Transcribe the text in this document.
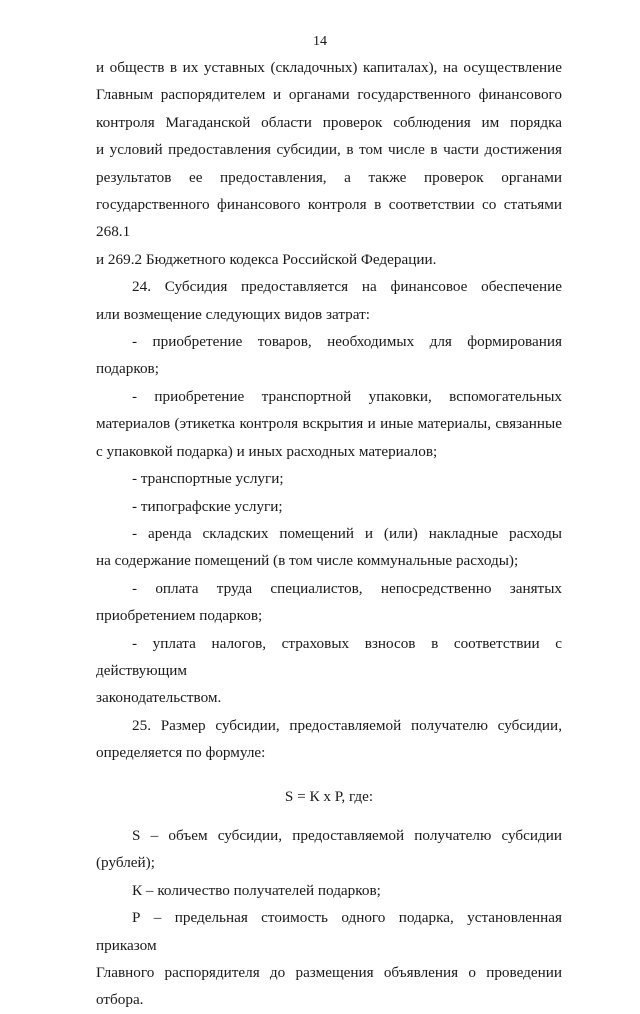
14
и обществ в их уставных (складочных) капиталах), на осуществление
Главным распорядителем и органами государственного финансового
контроля Магаданской области проверок соблюдения им порядка
и условий предоставления субсидии, в том числе в части достижения
результатов ее предоставления, а также проверок органами
государственного финансового контроля в соответствии со статьями 268.1
и 269.2 Бюджетного кодекса Российской Федерации.
24. Субсидия предоставляется на финансовое обеспечение
или возмещение следующих видов затрат:
- приобретение товаров, необходимых для формирования подарков;
- приобретение транспортной упаковки, вспомогательных
материалов (этикетка контроля вскрытия и иные материалы, связанные
с упаковкой подарка) и иных расходных материалов;
- транспортные услуги;
- типографские услуги;
- аренда складских помещений и (или) накладные расходы
на содержание помещений (в том числе коммунальные расходы);
- оплата труда специалистов, непосредственно занятых
приобретением подарков;
- уплата налогов, страховых взносов в соответствии с действующим
законодательством.
25. Размер субсидии, предоставляемой получателю субсидии,
определяется по формуле:
S = К х Р, где:
S – объем субсидии, предоставляемой получателю субсидии
(рублей);
К – количество получателей подарков;
Р – предельная стоимость одного подарка, установленная приказом
Главного распорядителя до размещения объявления о проведении отбора.
